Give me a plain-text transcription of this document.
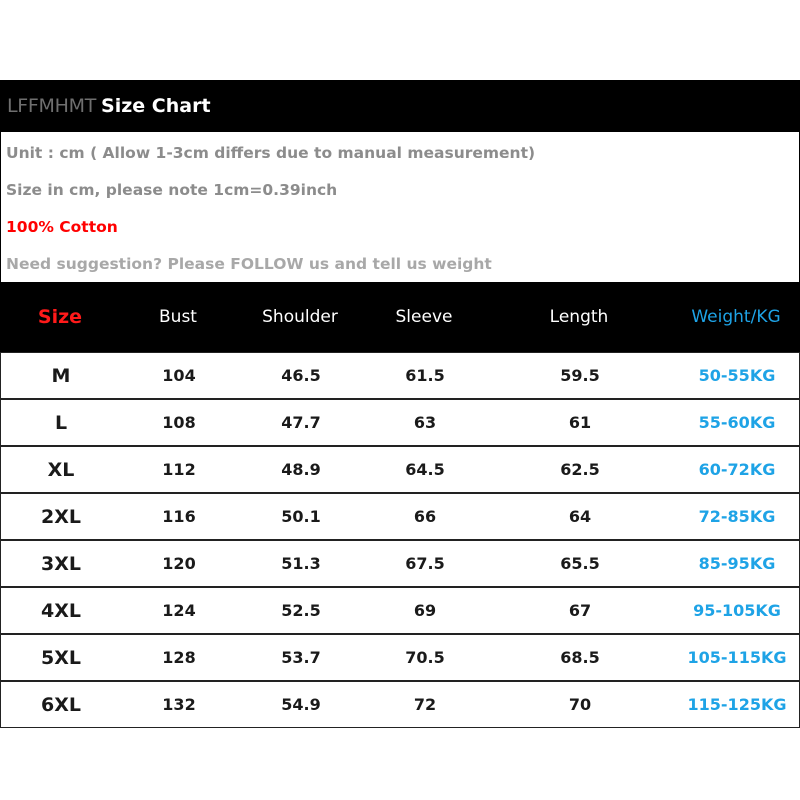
LFFMHMT Size Chart
Unit : cm ( Allow 1-3cm differs due to manual measurement)
Size in cm, please note 1cm=0.39inch
100% Cotton
Need suggestion? Please FOLLOW us and tell us weight
Size	Bust	Shoulder	Sleeve	Length	Weight/KG
M	104	46.5	61.5	59.5	50-55KG
L	108	47.7	63	61	55-60KG
XL	112	48.9	64.5	62.5	60-72KG
2XL	116	50.1	66	64	72-85KG
3XL	120	51.3	67.5	65.5	85-95KG
4XL	124	52.5	69	67	95-105KG
5XL	128	53.7	70.5	68.5	105-115KG
6XL	132	54.9	72	70	115-125KG
